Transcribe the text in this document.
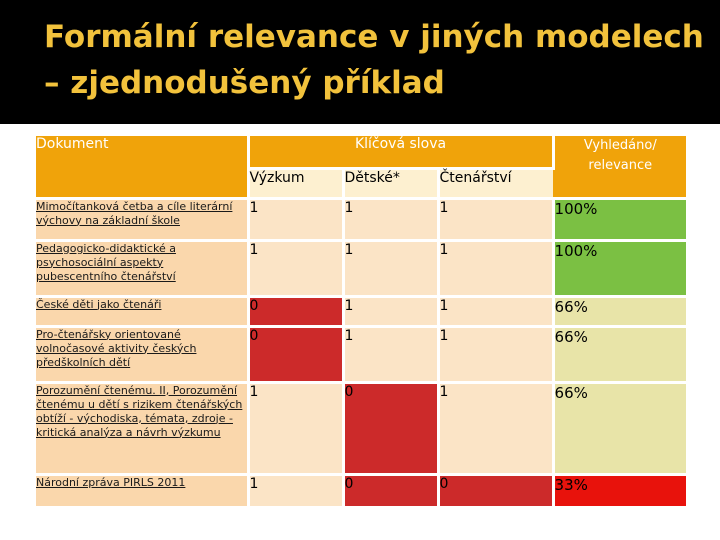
Formální relevance v jiných modelech – zjednodušený příklad
Dokument	Klíčová slova			Vyhledáno/ relevance
	Výzkum	Dětské*	Čtenářství	
Mimočítanková četba a cíle literární výchovy na základní škole	1	1	1	100%
Pedagogicko-didaktické a psychosociální aspekty pubescentního čtenářství	1	1	1	100%
České děti jako čtenáři	0	1	1	66%
Pro-čtenářsky orientované volnočasové aktivity českých předškolních dětí	0	1	1	66%
Porozumění čtenému. II, Porozumění čtenému u dětí s rizikem čtenářských obtíží - východiska, témata, zdroje - kritická analýza a návrh výzkumu	1	0	1	66%
Národní zpráva PIRLS 2011	1	0	0	33%
